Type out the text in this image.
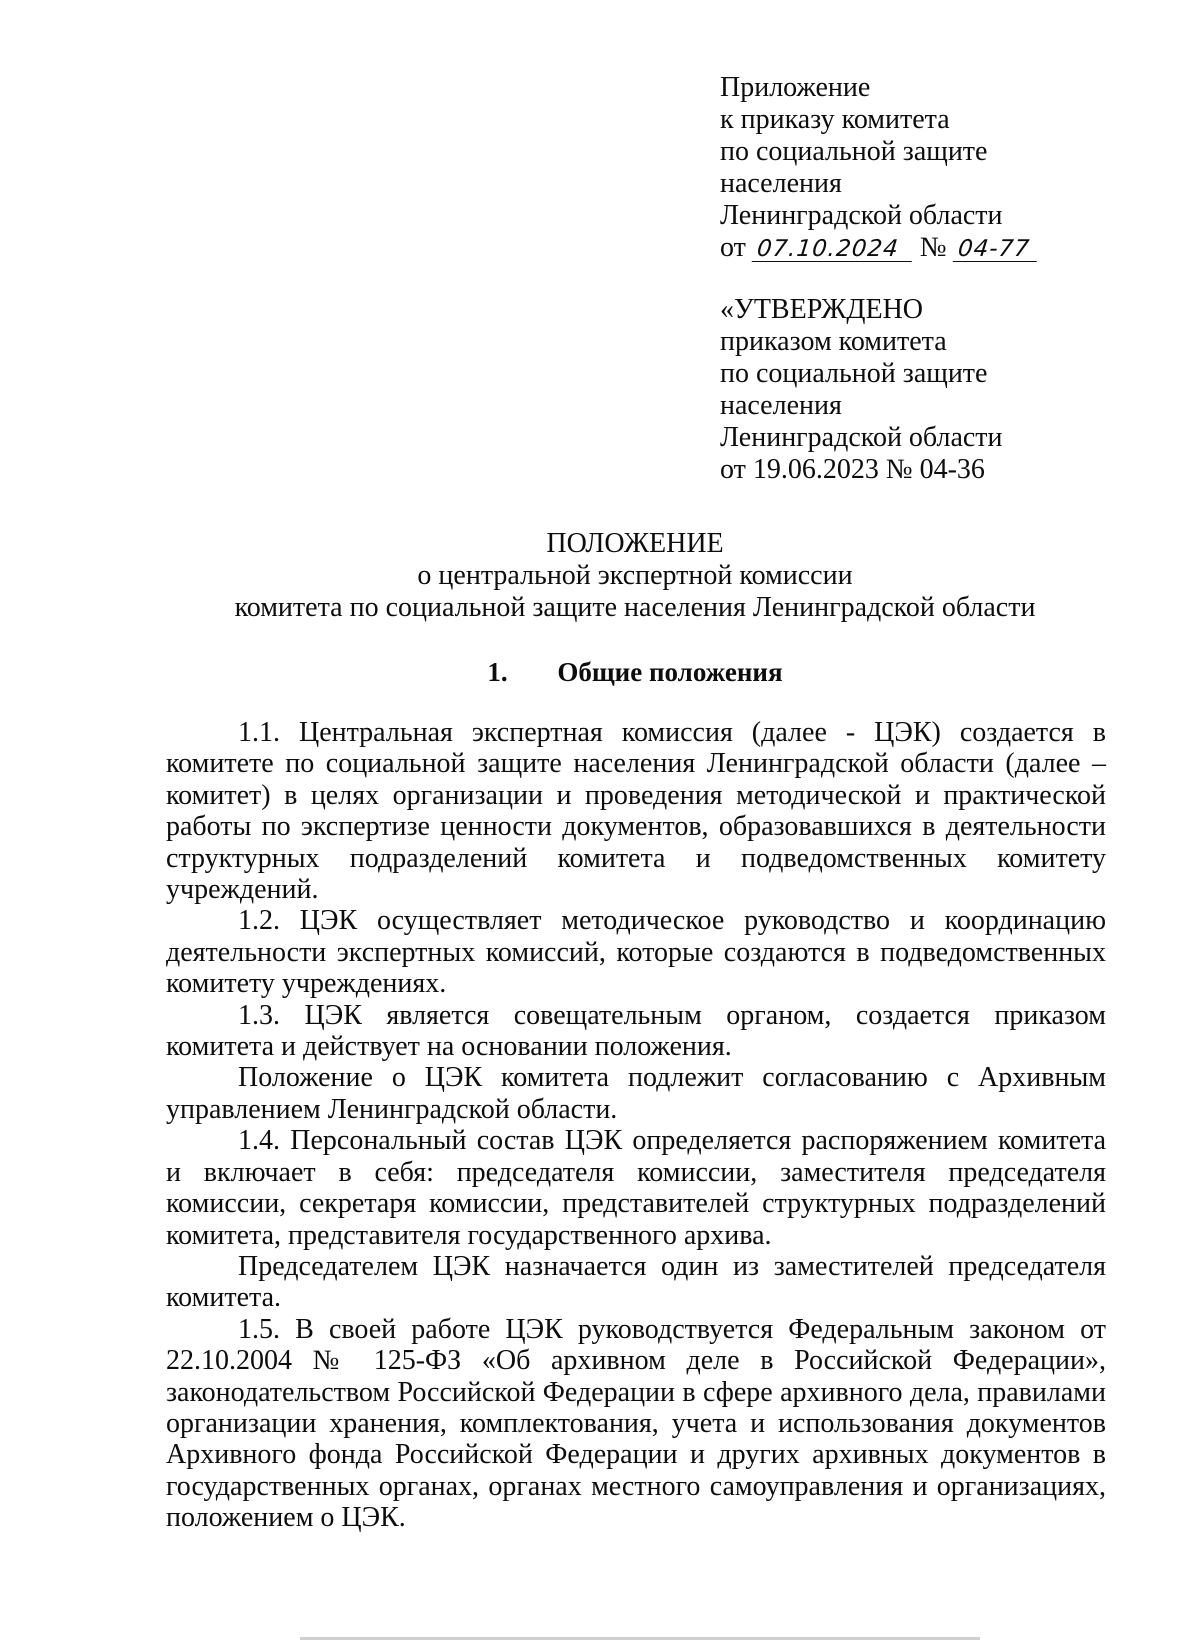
Приложение
к приказу комитета
по социальной защите
населения
Ленинградской области
от 07.10.2024 № 04-77
«УТВЕРЖДЕНО
приказом комитета
по социальной защите
населения
Ленинградской области
от 19.06.2023 № 04-36
ПОЛОЖЕНИЕ
о центральной экспертной комиссии
комитета по социальной защите населения Ленинградской области
1. Общие положения

1.1. Центральная экспертная комиссия (далее - ЦЭК) создается в комитете по социальной защите населения Ленинградской области (далее – комитет) в целях организации и проведения методической и практической работы по экспертизе ценности документов, образовавшихся в деятельности структурных подразделений комитета и подведомственных комитету учреждений.

1.2. ЦЭК осуществляет методическое руководство и координацию деятельности экспертных комиссий, которые создаются в подведомственных комитету учреждениях.

1.3. ЦЭК является совещательным органом, создается приказом комитета и действует на основании положения.

Положение о ЦЭК комитета подлежит согласованию с Архивным управлением Ленинградской области.

1.4. Персональный состав ЦЭК определяется распоряжением комитета и включает в себя: председателя комиссии, заместителя председателя комиссии, секретаря комиссии, представителей структурных подразделений комитета, представителя государственного архива.

Председателем ЦЭК назначается один из заместителей председателя комитета.

1.5. В своей работе ЦЭК руководствуется Федеральным законом от 22.10.2004 № 125-ФЗ «Об архивном деле в Российской Федерации», законодательством Российской Федерации в сфере архивного дела, правилами организации хранения, комплектования, учета и использования документов Архивного фонда Российской Федерации и других архивных документов в государственных органах, органах местного самоуправления и организациях, положением о ЦЭК.
